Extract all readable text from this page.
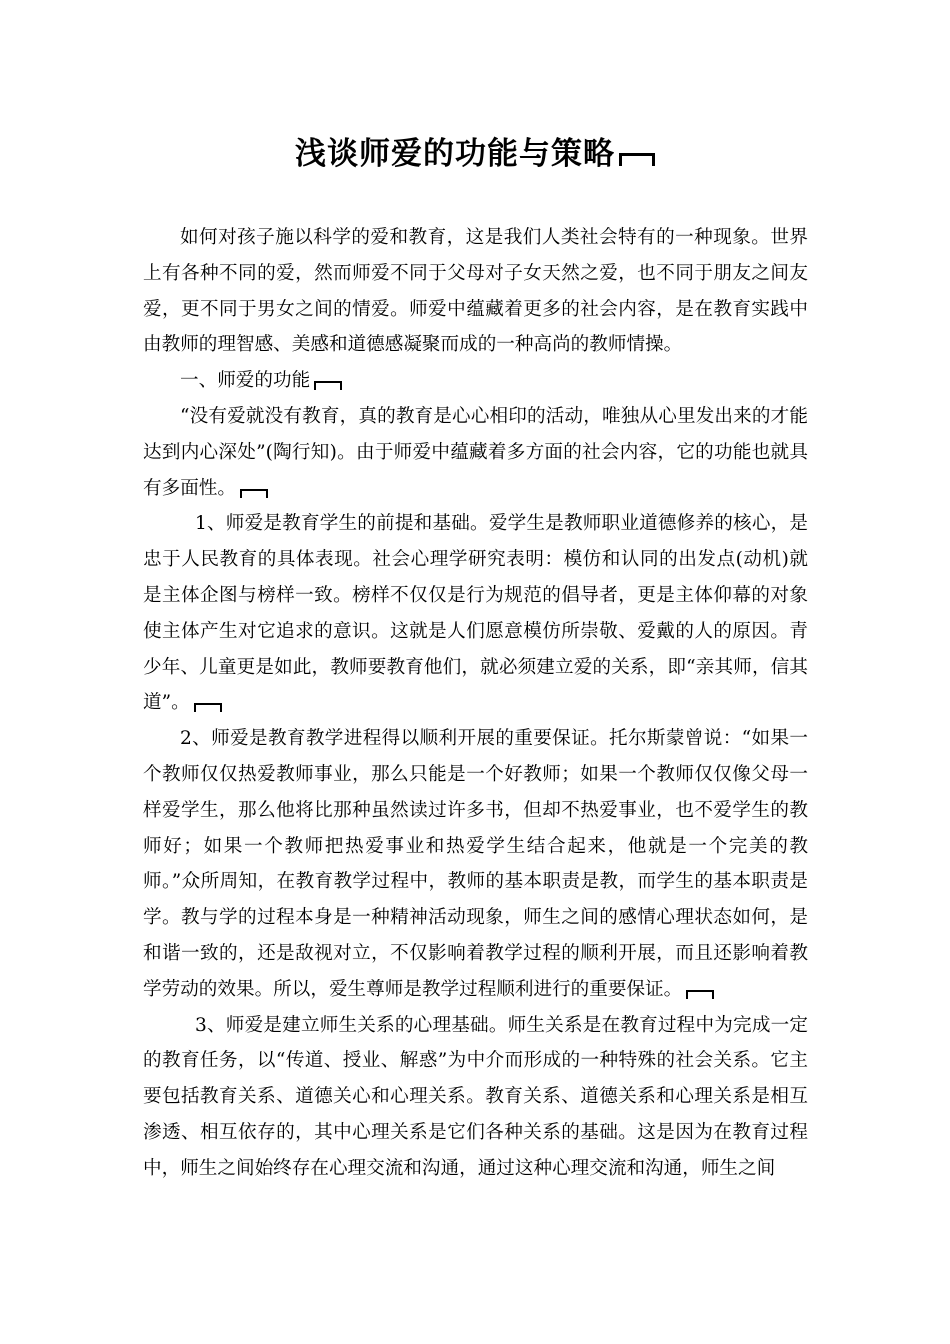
浅谈师爱的功能与策略

如何对孩子施以科学的爱和教育，这是我们人类社会特有的一种现象。世界上有各种不同的爱，然而师爱不同于父母对子女天然之爱，也不同于朋友之间友爱，更不同于男女之间的情爱。师爱中蕴藏着更多的社会内容，是在教育实践中由教师的理智感、美感和道德感凝聚而成的一种高尚的教师情操。

一、师爱的功能

“没有爱就没有教育，真的教育是心心相印的活动，唯独从心里发出来的才能达到内心深处”(陶行知)。由于师爱中蕴藏着多方面的社会内容，它的功能也就具有多面性。

1、师爱是教育学生的前提和基础。爱学生是教师职业道德修养的核心，是忠于人民教育的具体表现。社会心理学研究表明：模仿和认同的出发点(动机)就是主体企图与榜样一致。榜样不仅仅是行为规范的倡导者，更是主体仰幕的对象使主体产生对它追求的意识。这就是人们愿意模仿所崇敬、爱戴的人的原因。青少年、儿童更是如此，教师要教育他们，就必须建立爱的关系，即“亲其师，信其道”。

2、师爱是教育教学进程得以顺利开展的重要保证。托尔斯蒙曾说：“如果一个教师仅仅热爱教师事业，那么只能是一个好教师；如果一个教师仅仅像父母一样爱学生，那么他将比那种虽然读过许多书，但却不热爱事业，也不爱学生的教师好；如果一个教师把热爱事业和热爱学生结合起来，他就是一个完美的教师。”众所周知，在教育教学过程中，教师的基本职责是教，而学生的基本职责是学。教与学的过程本身是一种精神活动现象，师生之间的感情心理状态如何，是和谐一致的，还是敌视对立，不仅影响着教学过程的顺利开展，而且还影响着教学劳动的效果。所以，爱生尊师是教学过程顺利进行的重要保证。

3、师爱是建立师生关系的心理基础。师生关系是在教育过程中为完成一定的教育任务，以“传道、授业、解惑”为中介而形成的一种特殊的社会关系。它主要包括教育关系、道德关心和心理关系。教育关系、道德关系和心理关系是相互渗透、相互依存的，其中心理关系是它们各种关系的基础。这是因为在教育过程中，师生之间始终存在心理交流和沟通，通过这种心理交流和沟通，师生之间
